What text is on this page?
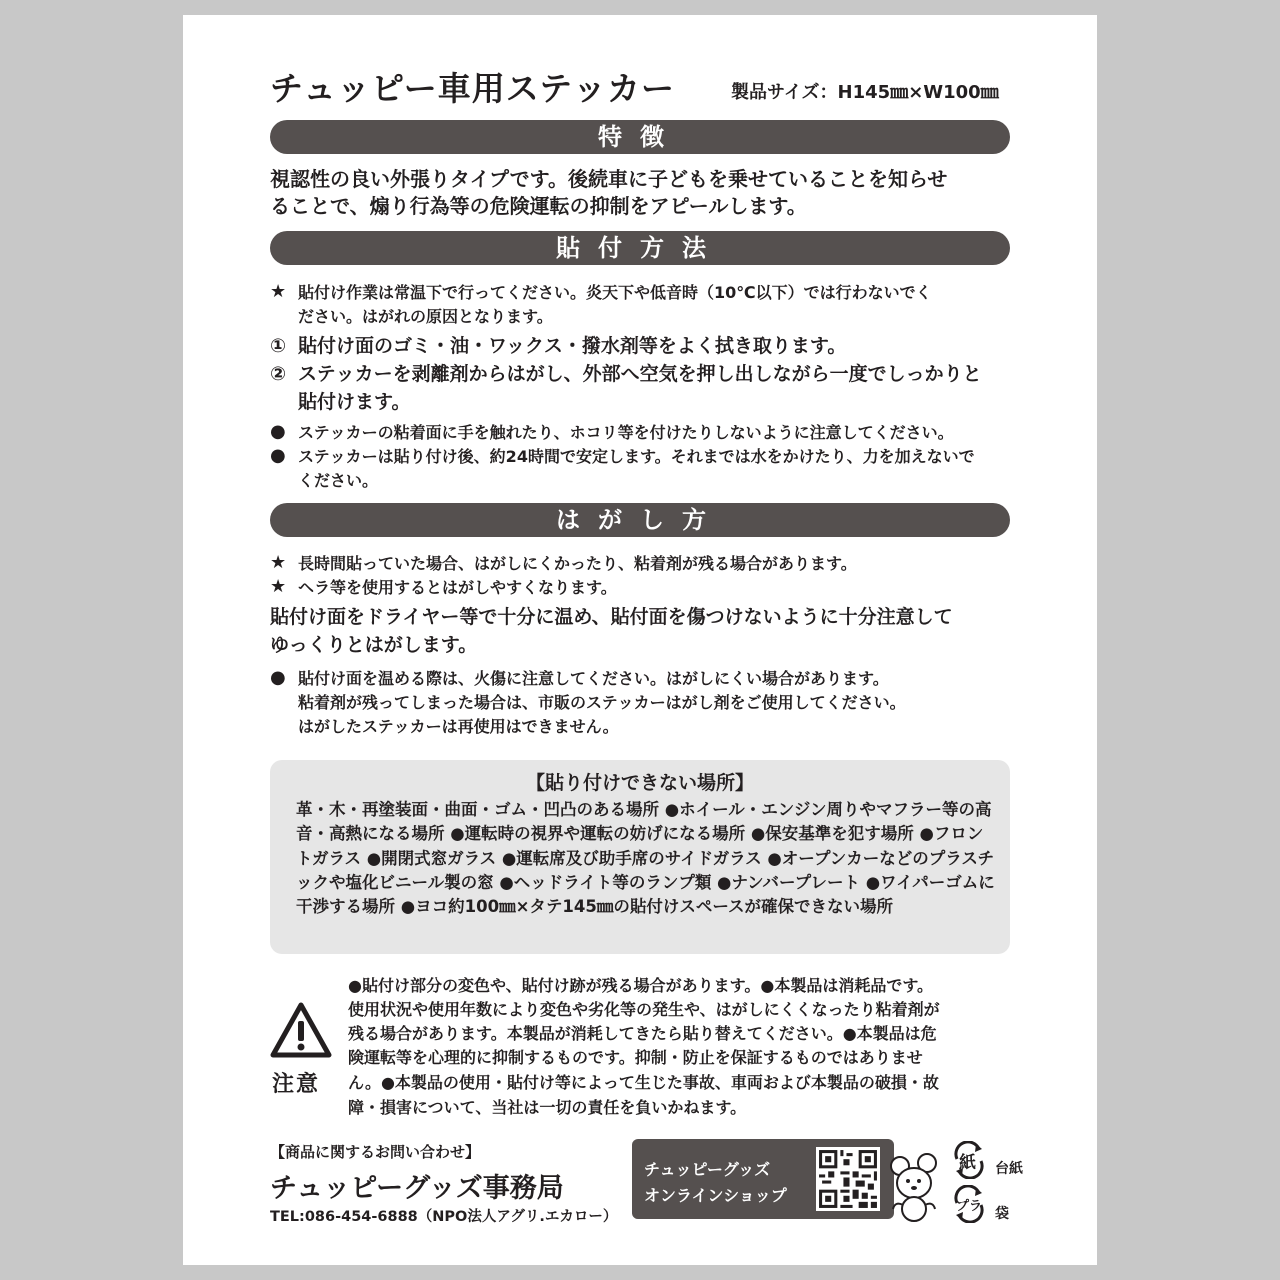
チュッピー車用ステッカー	製品サイズ：H145㎜×W100㎜
特徴
視認性の良い外張りタイプです。後続車に子どもを乗せていることを知らせ
ることで、煽り行為等の危険運転の抑制をアピールします。
貼付方法
★ 貼付け作業は常温下で行ってください。炎天下や低音時（10℃以下）では行わないでく
ださい。はがれの原因となります。
① 貼付け面のゴミ・油・ワックス・撥水剤等をよく拭き取ります。
② ステッカーを剥離剤からはがし、外部へ空気を押し出しながら一度でしっかりと
貼付けます。
● ステッカーの粘着面に手を触れたり、ホコリ等を付けたりしないように注意してください。
● ステッカーは貼り付け後、約24時間で安定します。それまでは水をかけたり、力を加えないで
ください。
はがし方
★ 長時間貼っていた場合、はがしにくかったり、粘着剤が残る場合があります。
★ ヘラ等を使用するとはがしやすくなります。
貼付け面をドライヤー等で十分に温め、貼付面を傷つけないように十分注意して
ゆっくりとはがします。
● 貼付け面を温める際は、火傷に注意してください。はがしにくい場合があります。
粘着剤が残ってしまった場合は、市販のステッカーはがし剤をご使用してください。
はがしたステッカーは再使用はできません。
【貼り付けできない場所】
革・木・再塗装面・曲面・ゴム・凹凸のある場所 ●ホイール・エンジン周りやマフラー等の高音・高熱になる場所 ●運転時の視界や運転の妨げになる場所 ●保安基準を犯す場所 ●フロントガラス ●開閉式窓ガラス ●運転席及び助手席のサイドガラス ●オープンカーなどのプラスチックや塩化ビニール製の窓 ●ヘッドライト等のランプ類 ●ナンバープレート ●ワイパーゴムに干渉する場所 ●ヨコ約100㎜×タテ145㎜の貼付けスペースが確保できない場所
注意
●貼付け部分の変色や、貼付け跡が残る場合があります。●本製品は消耗品です。
使用状況や使用年数により変色や劣化等の発生や、はがしにくくなったり粘着剤が
残る場合があります。本製品が消耗してきたら貼り替えてください。●本製品は危
険運転等を心理的に抑制するものです。抑制・防止を保証するものではありませ
ん。●本製品の使用・貼付け等によって生じた事故、車両および本製品の破損・故
障・損害について、当社は一切の責任を負いかねます。
【商品に関するお問い合わせ】
チュッピーグッズ事務局
TEL:086-454-6888（NPO法人アグリ.エカロー）
チュッピーグッズ
オンラインショップ
紙 台紙
プラ 袋
